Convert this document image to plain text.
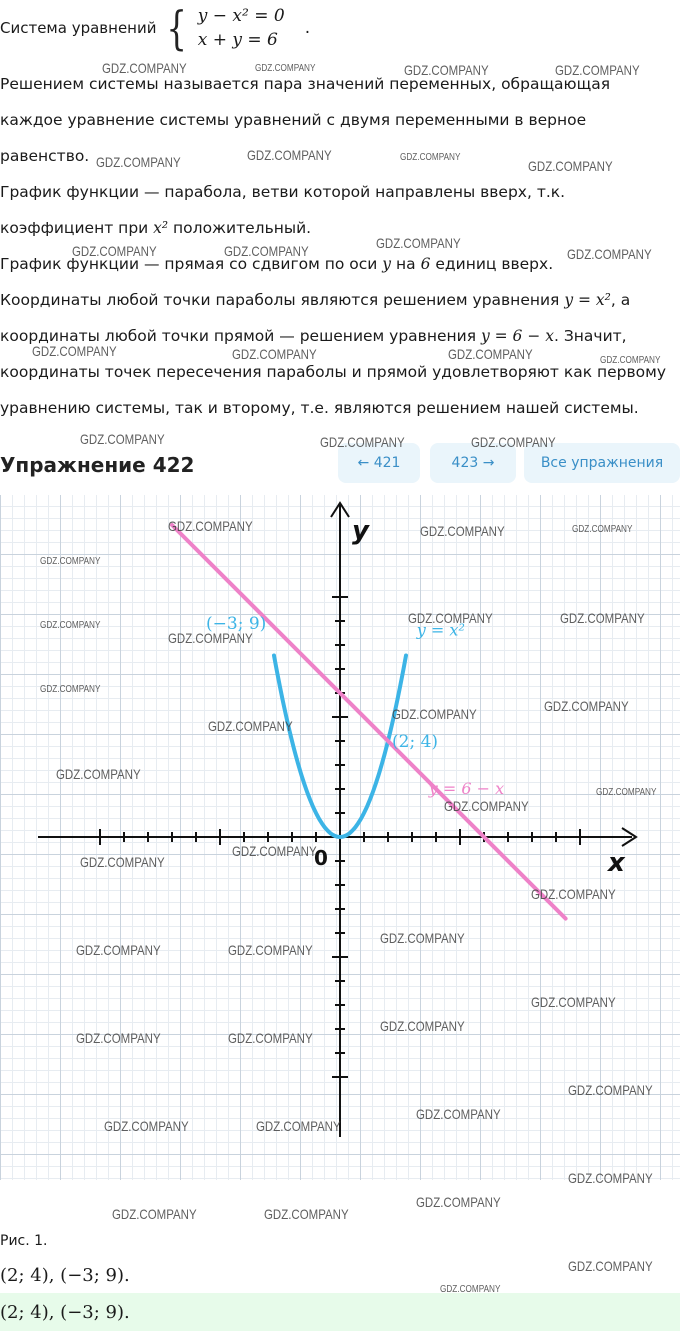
Система уравнений { y − x² = 0
x + y = 6
.
Решением системы называется пара значений переменных, обращающая каждое уравнение системы уравнений с двумя переменными в верное равенство.
График функции — парабола, ветви которой направлены вверх, т.к. коэффициент при x² положительный.
График функции — прямая со сдвигом по оси y на 6 единиц вверх.
Координаты любой точки параболы являются решением уравнения y = x², а координаты любой точки прямой — решением уравнения y = 6 − x. Значит, координаты точек пересечения параболы и прямой удовлетворяют как первому уравнению системы, так и второму, т.е. являются решением нашей системы.
Упражнение 422	← 421	423 →	Все упражнения
x
y
0
y = x²
y = 6 − x
(2; 4)
(−3; 9)
Рис. 1.
(2; 4), (−3; 9).
(2; 4), (−3; 9).
GDZ.COMPANY	GDZ.COMPANY	GDZ.COMPANY	GDZ.COMPANY
GDZ.COMPANY	GDZ.COMPANY	GDZ.COMPANY
GDZ.COMPANY
GDZ.COMPANY	GDZ.COMPANY	GDZ.COMPANY
GDZ.COMPANY
GDZ.COMPANY	GDZ.COMPANY	GDZ.COMPANY	GDZ.COMPANY
GDZ.COMPANY	GDZ.COMPANY	GDZ.COMPANY
GDZ.COMPANY	GDZ.COMPANY	GDZ.COMPANY
GDZ.COMPANY
GDZ.COMPANY	GDZ.COMPANY
GDZ.COMPANY
GDZ.COMPANY
GDZ.COMPANY	GDZ.COMPANY
GDZ.COMPANY
GDZ.COMPANY
GDZ.COMPANY
GDZ.COMPANY
GDZ.COMPANY
GDZ.COMPANY
GDZ.COMPANY
GDZ.COMPANY
GDZ.COMPANY	GDZ.COMPANY
GDZ.COMPANY
GDZ.COMPANY
GDZ.COMPANY	GDZ.COMPANY
GDZ.COMPANY
GDZ.COMPANY
GDZ.COMPANY	GDZ.COMPANY
GDZ.COMPANY
GDZ.COMPANY
GDZ.COMPANY
GDZ.COMPANY	GDZ.COMPANY
GDZ.COMPANY
GDZ.COMPANY
